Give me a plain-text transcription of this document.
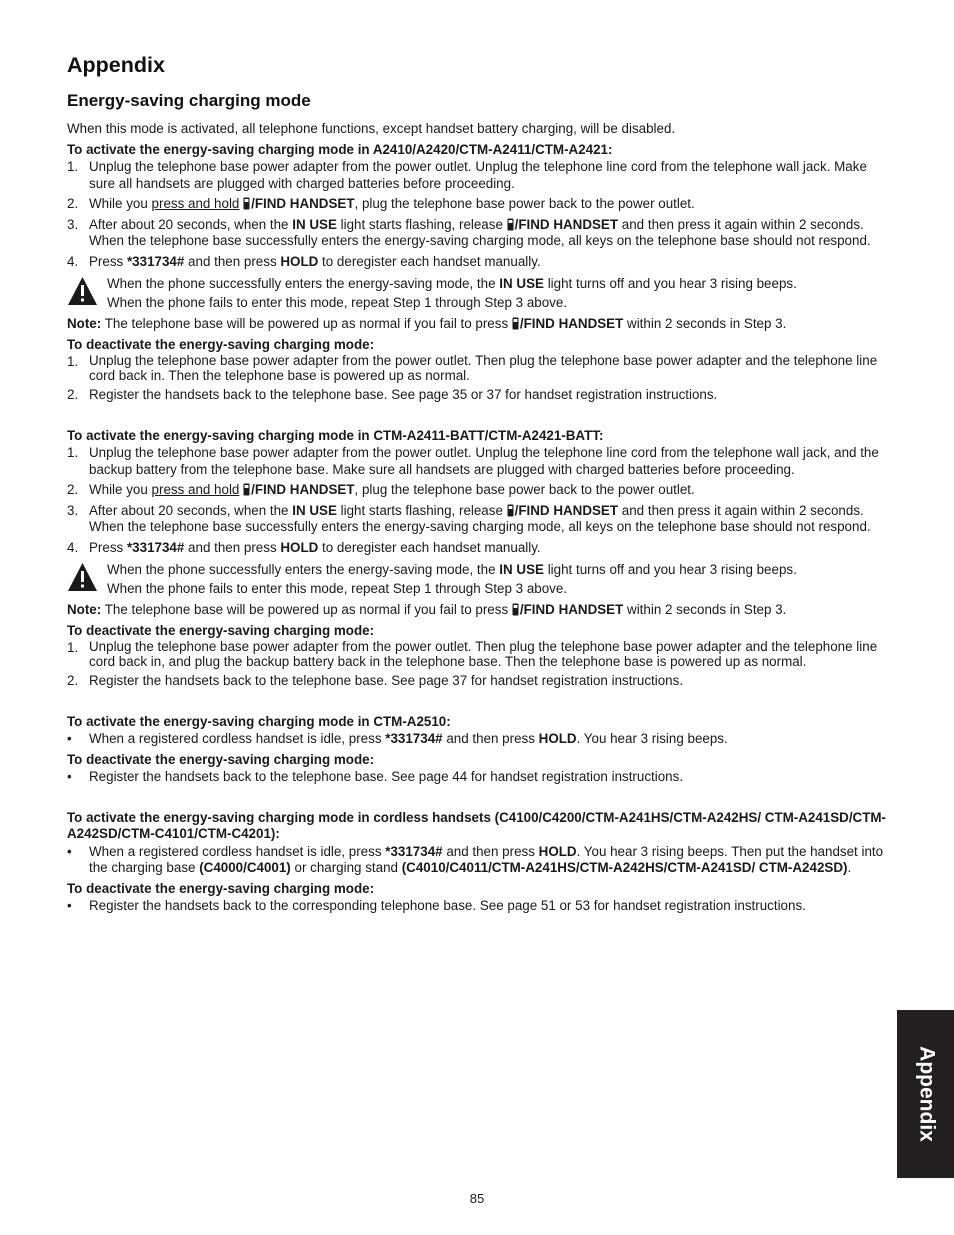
Appendix
Energy-saving charging mode

When this mode is activated, all telephone functions, except handset battery charging, will be disabled.

To activate the energy-saving charging mode in A2410/A2420/CTM-A2411/CTM-A2421:

1. Unplug the telephone base power adapter from the power outlet. Unplug the telephone line cord from the telephone wall jack. Make sure all handsets are plugged with charged batteries before proceeding.
2. While you press and hold /FIND HANDSET, plug the telephone base power back to the power outlet.
3. After about 20 seconds, when the IN USE light starts flashing, release /FIND HANDSET and then press it again within 2 seconds. When the telephone base successfully enters the energy-saving charging mode, all keys on the telephone base should not respond.
4. Press *331734# and then press HOLD to deregister each handset manually.

When the phone successfully enters the energy-saving mode, the IN USE light turns off and you hear 3 rising beeps.

When the phone fails to enter this mode, repeat Step 1 through Step 3 above.

Note: The telephone base will be powered up as normal if you fail to press /FIND HANDSET within 2 seconds in Step 3.

To deactivate the energy-saving charging mode:

1. Unplug the telephone base power adapter from the power outlet. Then plug the telephone base power adapter and the telephone line cord back in. Then the telephone base is powered up as normal.
2. Register the handsets back to the telephone base. See page 35 or 37 for handset registration instructions.

To activate the energy-saving charging mode in CTM-A2411-BATT/CTM-A2421-BATT:

1. Unplug the telephone base power adapter from the power outlet. Unplug the telephone line cord from the telephone wall jack, and the backup battery from the telephone base. Make sure all handsets are plugged with charged batteries before proceeding.
2. While you press and hold /FIND HANDSET, plug the telephone base power back to the power outlet.
3. After about 20 seconds, when the IN USE light starts flashing, release /FIND HANDSET and then press it again within 2 seconds. When the telephone base successfully enters the energy-saving charging mode, all keys on the telephone base should not respond.
4. Press *331734# and then press HOLD to deregister each handset manually.

When the phone successfully enters the energy-saving mode, the IN USE light turns off and you hear 3 rising beeps.

When the phone fails to enter this mode, repeat Step 1 through Step 3 above.

Note: The telephone base will be powered up as normal if you fail to press /FIND HANDSET within 2 seconds in Step 3.

To deactivate the energy-saving charging mode:

1. Unplug the telephone base power adapter from the power outlet. Then plug the telephone base power adapter and the telephone line cord back in, and plug the backup battery back in the telephone base. Then the telephone base is powered up as normal.
2. Register the handsets back to the telephone base. See page 37 for handset registration instructions.

To activate the energy-saving charging mode in CTM-A2510:

• When a registered cordless handset is idle, press *331734# and then press HOLD. You hear 3 rising beeps.

To deactivate the energy-saving charging mode:

• Register the handsets back to the telephone base. See page 44 for handset registration instructions.

To activate the energy-saving charging mode in cordless handsets (C4100/C4200/CTM-A241HS/CTM-A242HS/ CTM-A241SD/CTM-A242SD/CTM-C4101/CTM-C4201):

• When a registered cordless handset is idle, press *331734# and then press HOLD. You hear 3 rising beeps. Then put the handset into the charging base (C4000/C4001) or charging stand (C4010/C4011/CTM-A241HS/CTM-A242HS/CTM-A241SD/ CTM-A242SD).

To deactivate the energy-saving charging mode:

• Register the handsets back to the corresponding telephone base. See page 51 or 53 for handset registration instructions.
Appendix
85
